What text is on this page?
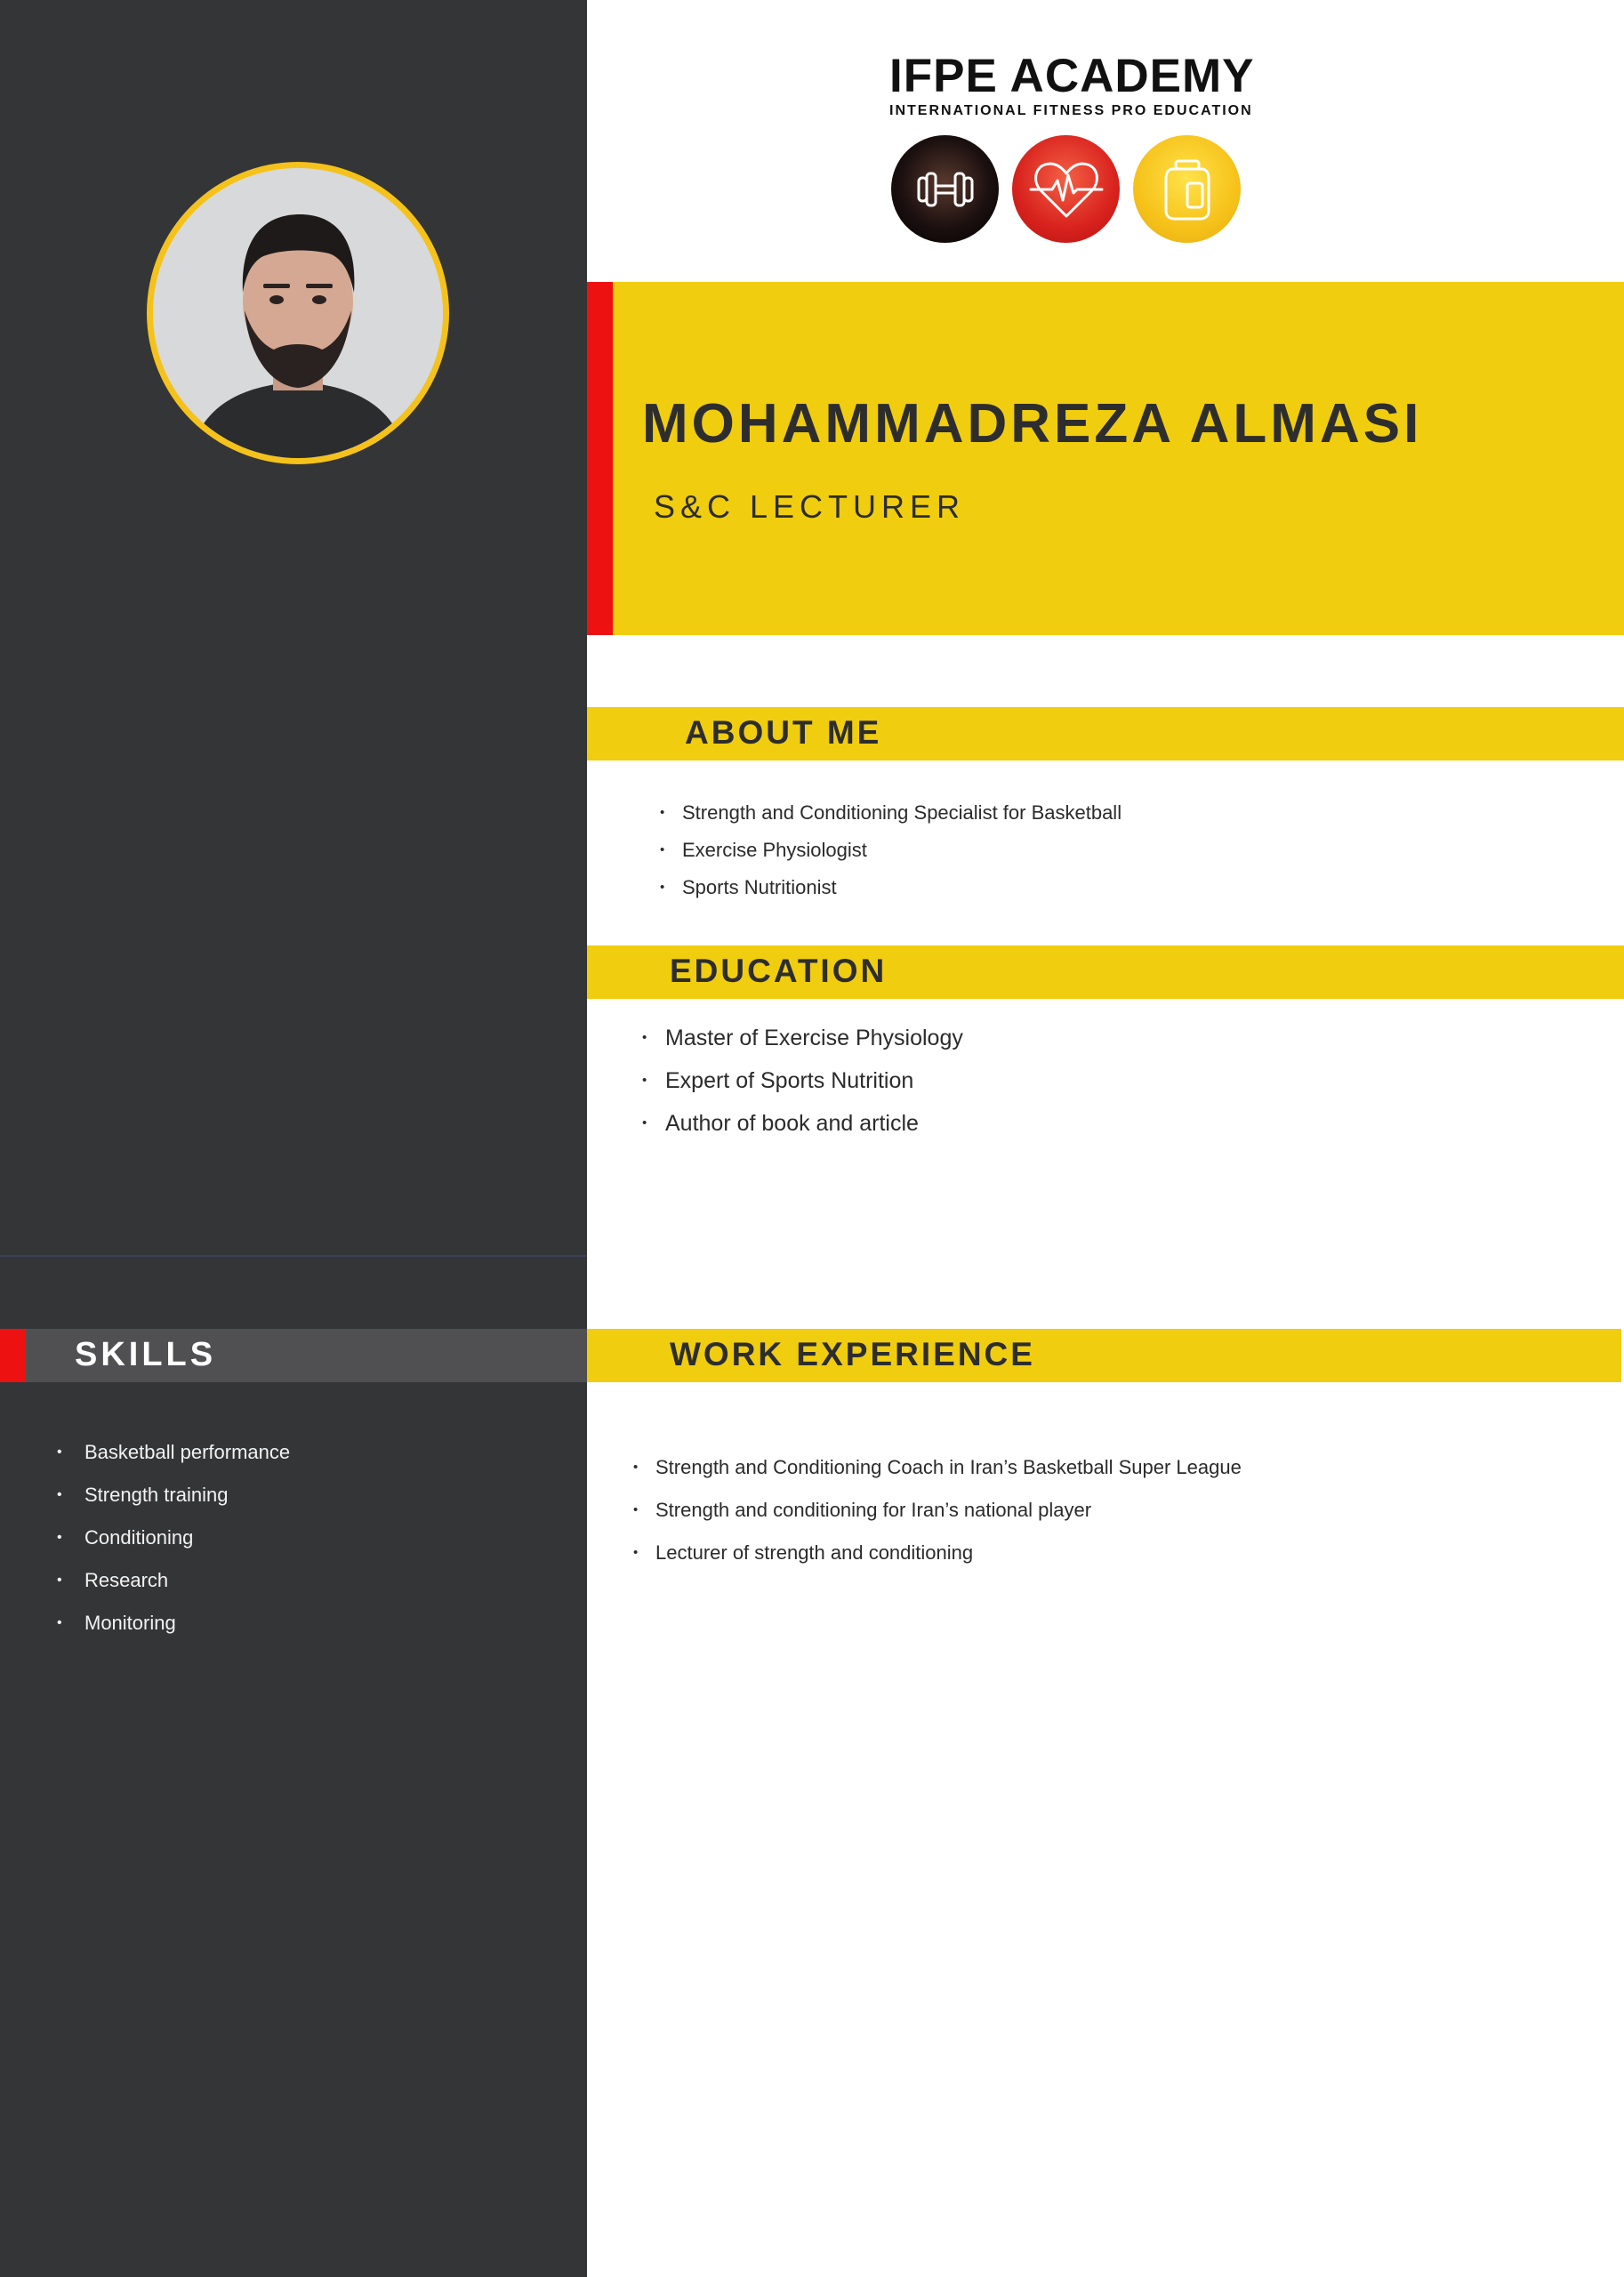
SKILLS
• Basketball performance
• Strength training
• Conditioning
• Research
• Monitoring
IFPE ACADEMY
INTERNATIONAL FITNESS PRO EDUCATION
MOHAMMADREZA ALMASI
S&C LECTURER
ABOUT ME
• Strength and Conditioning Specialist for Basketball
• Exercise Physiologist
• Sports Nutritionist
EDUCATION
• Master of Exercise Physiology
• Expert of Sports Nutrition
• Author of book and article
WORK EXPERIENCE
• Strength and Conditioning Coach in Iran’s Basketball Super League
• Strength and conditioning for Iran’s national player
• Lecturer of strength and conditioning
